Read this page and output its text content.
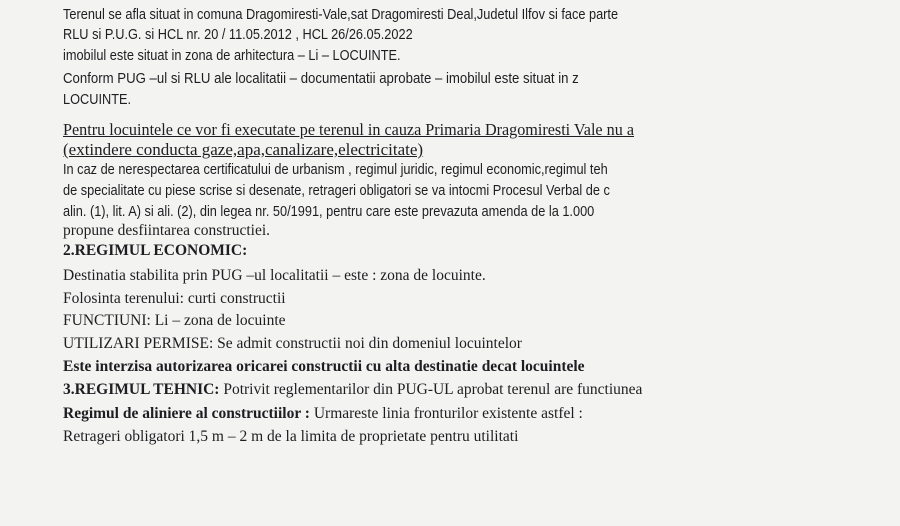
Terenul se afla situat in comuna Dragomiresti-Vale,sat Dragomiresti Deal,Judetul Ilfov si face parte
RLU si P.U.G. si HCL nr. 20 / 11.05.2012 , HCL 26/26.05.2022
imobilul este situat in zona de arhitectura – Li – LOCUINTE.
Conform PUG –ul si RLU ale localitatii – documentatii aprobate – imobilul este situat in z
LOCUINTE.
Pentru locuintele ce vor fi executate pe terenul in cauza Primaria Dragomiresti Vale nu a
(extindere conducta gaze,apa,canalizare,electricitate)
In caz de nerespectarea certificatului de urbanism , regimul juridic, regimul economic,regimul teh
de specialitate cu piese scrise si desenate, retrageri obligatori se va intocmi Procesul Verbal de c
alin. (1), lit. A) si ali. (2), din legea nr. 50/1991, pentru care este prevazuta amenda de la 1.000
propune desfiintarea constructiei.
2.REGIMUL ECONOMIC:
Destinatia stabilita prin PUG –ul localitatii – este : zona de locuinte.
Folosinta terenului: curti constructii
FUNCTIUNI: Li – zona de locuinte
UTILIZARI PERMISE: Se admit constructii noi din domeniul locuintelor
Este interzisa autorizarea oricarei constructii cu alta destinatie decat locuintele
3.REGIMUL TEHNIC: Potrivit reglementarilor din PUG-UL aprobat terenul are functiunea
Regimul de aliniere al constructiilor : Urmareste linia fronturilor existente astfel :
Retrageri obligatori 1,5 m – 2 m de la limita de proprietate pentru utilitati
